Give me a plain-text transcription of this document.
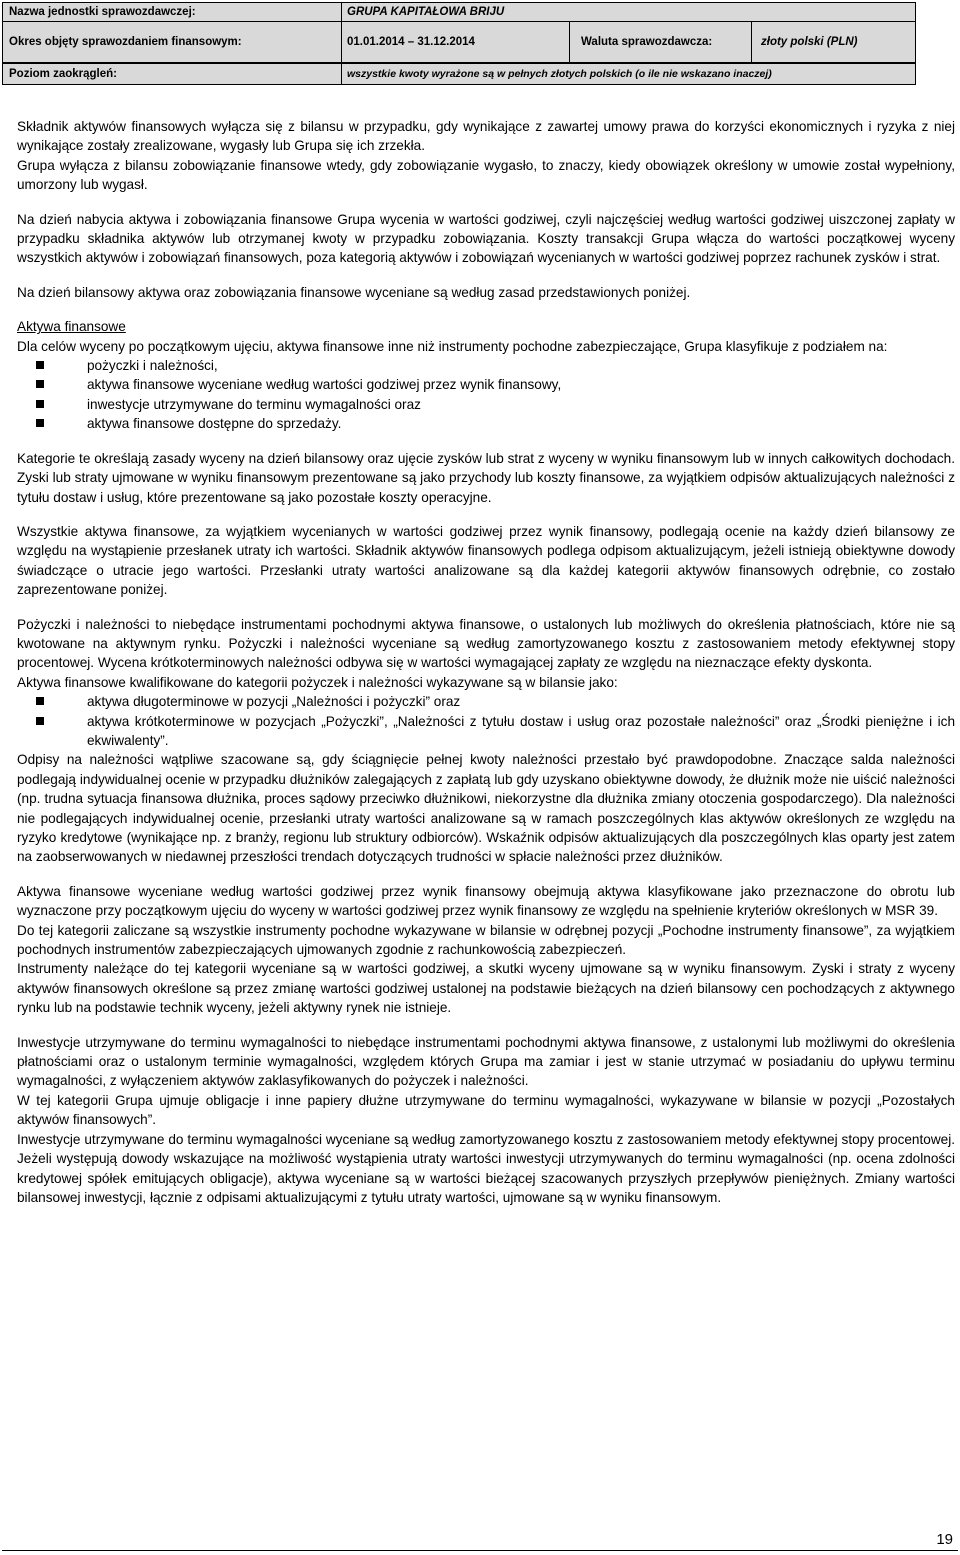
Nazwa jednostki sprawozdawczej:	GRUPA KAPITAŁOWA BRIJU
Okres objęty sprawozdaniem finansowym:	01.01.2014 – 31.12.2014	Waluta sprawozdawcza:	złoty polski (PLN)
Poziom zaokrągleń:	wszystkie kwoty wyrażone są w pełnych złotych polskich (o ile nie wskazano inaczej)

Składnik aktywów finansowych wyłącza się z bilansu w przypadku, gdy wynikające z zawartej umowy prawa do korzyści ekonomicznych i ryzyka z niej wynikające zostały zrealizowane, wygasły lub Grupa się ich zrzekła.

Grupa wyłącza z bilansu zobowiązanie finansowe wtedy, gdy zobowiązanie wygasło, to znaczy, kiedy obowiązek określony w umowie został wypełniony, umorzony lub wygasł.

Na dzień nabycia aktywa i zobowiązania finansowe Grupa wycenia w wartości godziwej, czyli najczęściej według wartości godziwej uiszczonej zapłaty w przypadku składnika aktywów lub otrzymanej kwoty w przypadku zobowiązania. Koszty transakcji Grupa włącza do wartości początkowej wyceny wszystkich aktywów i zobowiązań finansowych, poza kategorią aktywów i zobowiązań wycenianych w wartości godziwej poprzez rachunek zysków i strat.

Na dzień bilansowy aktywa oraz zobowiązania finansowe wyceniane są według zasad przedstawionych poniżej.

Aktywa finansowe

Dla celów wyceny po początkowym ujęciu, aktywa finansowe inne niż instrumenty pochodne zabezpieczające, Grupa klasyfikuje z podziałem na:

pożyczki i należności,
aktywa finansowe wyceniane według wartości godziwej przez wynik finansowy,
inwestycje utrzymywane do terminu wymagalności oraz
aktywa finansowe dostępne do sprzedaży.

Kategorie te określają zasady wyceny na dzień bilansowy oraz ujęcie zysków lub strat z wyceny w wyniku finansowym lub w innych całkowitych dochodach. Zyski lub straty ujmowane w wyniku finansowym prezentowane są jako przychody lub koszty finansowe, za wyjątkiem odpisów aktualizujących należności z tytułu dostaw i usług, które prezentowane są jako pozostałe koszty operacyjne.

Wszystkie aktywa finansowe, za wyjątkiem wycenianych w wartości godziwej przez wynik finansowy, podlegają ocenie na każdy dzień bilansowy ze względu na wystąpienie przesłanek utraty ich wartości. Składnik aktywów finansowych podlega odpisom aktualizującym, jeżeli istnieją obiektywne dowody świadczące o utracie jego wartości. Przesłanki utraty wartości analizowane są dla każdej kategorii aktywów finansowych odrębnie, co zostało zaprezentowane poniżej.

Pożyczki i należności to niebędące instrumentami pochodnymi aktywa finansowe, o ustalonych lub możliwych do określenia płatnościach, które nie są kwotowane na aktywnym rynku. Pożyczki i należności wyceniane są według zamortyzowanego kosztu z zastosowaniem metody efektywnej stopy procentowej. Wycena krótkoterminowych należności odbywa się w wartości wymagającej zapłaty ze względu na nieznaczące efekty dyskonta.

Aktywa finansowe kwalifikowane do kategorii pożyczek i należności wykazywane są w bilansie jako:

aktywa długoterminowe w pozycji „Należności i pożyczki” oraz
aktywa krótkoterminowe w pozycjach „Pożyczki”, „Należności z tytułu dostaw i usług oraz pozostałe należności” oraz „Środki pieniężne i ich ekwiwalenty”.

Odpisy na należności wątpliwe szacowane są, gdy ściągnięcie pełnej kwoty należności przestało być prawdopodobne. Znaczące salda należności podlegają indywidualnej ocenie w przypadku dłużników zalegających z zapłatą lub gdy uzyskano obiektywne dowody, że dłużnik może nie uiścić należności (np. trudna sytuacja finansowa dłużnika, proces sądowy przeciwko dłużnikowi, niekorzystne dla dłużnika zmiany otoczenia gospodarczego). Dla należności nie podlegających indywidualnej ocenie, przesłanki utraty wartości analizowane są w ramach poszczególnych klas aktywów określonych ze względu na ryzyko kredytowe (wynikające np. z branży, regionu lub struktury odbiorców). Wskaźnik odpisów aktualizujących dla poszczególnych klas oparty jest zatem na zaobserwowanych w niedawnej przeszłości trendach dotyczących trudności w spłacie należności przez dłużników.

Aktywa finansowe wyceniane według wartości godziwej przez wynik finansowy obejmują aktywa klasyfikowane jako przeznaczone do obrotu lub wyznaczone przy początkowym ujęciu do wyceny w wartości godziwej przez wynik finansowy ze względu na spełnienie kryteriów określonych w MSR 39.

Do tej kategorii zaliczane są wszystkie instrumenty pochodne wykazywane w bilansie w odrębnej pozycji „Pochodne instrumenty finansowe”, za wyjątkiem pochodnych instrumentów zabezpieczających ujmowanych zgodnie z rachunkowością zabezpieczeń.

Instrumenty należące do tej kategorii wyceniane są w wartości godziwej, a skutki wyceny ujmowane są w wyniku finansowym. Zyski i straty z wyceny aktywów finansowych określone są przez zmianę wartości godziwej ustalonej na podstawie bieżących na dzień bilansowy cen pochodzących z aktywnego rynku lub na podstawie technik wyceny, jeżeli aktywny rynek nie istnieje.

Inwestycje utrzymywane do terminu wymagalności to niebędące instrumentami pochodnymi aktywa finansowe, z ustalonymi lub możliwymi do określenia płatnościami oraz o ustalonym terminie wymagalności, względem których Grupa ma zamiar i jest w stanie utrzymać w posiadaniu do upływu terminu wymagalności, z wyłączeniem aktywów zaklasyfikowanych do pożyczek i należności.

W tej kategorii Grupa ujmuje obligacje i inne papiery dłużne utrzymywane do terminu wymagalności, wykazywane w bilansie w pozycji „Pozostałych aktywów finansowych”.

Inwestycje utrzymywane do terminu wymagalności wyceniane są według zamortyzowanego kosztu z zastosowaniem metody efektywnej stopy procentowej. Jeżeli występują dowody wskazujące na możliwość wystąpienia utraty wartości inwestycji utrzymywanych do terminu wymagalności (np. ocena zdolności kredytowej spółek emitujących obligacje), aktywa wyceniane są w wartości bieżącej szacowanych przyszłych przepływów pieniężnych. Zmiany wartości bilansowej inwestycji, łącznie z odpisami aktualizującymi z tytułu utraty wartości, ujmowane są w wyniku finansowym.

19
